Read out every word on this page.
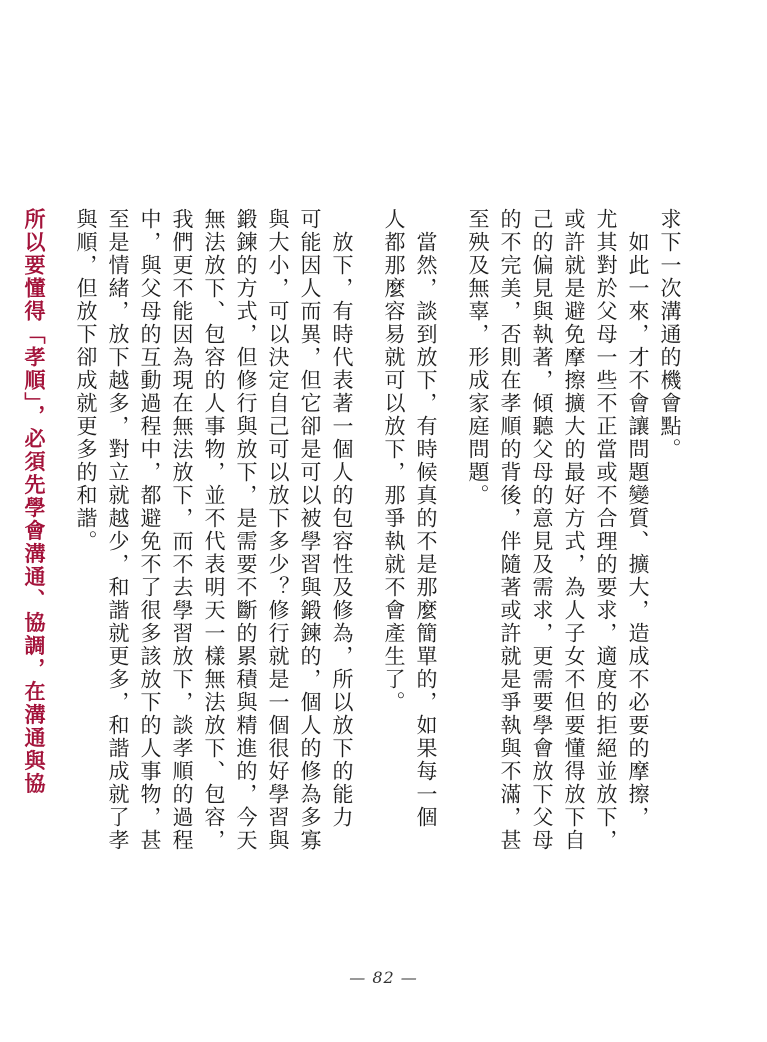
求下一次溝通的機會點。
　如此一來，才不會讓問題變質、擴大，造成不必要的摩擦，
尤其對於父母一些不正當或不合理的要求，適度的拒絕並放下，
或許就是避免摩擦擴大的最好方式，為人子女不但要懂得放下自
己的偏見與執著，傾聽父母的意見及需求，更需要學會放下父母
的不完美，否則在孝順的背後，伴隨著或許就是爭執與不滿，甚
至殃及無辜，形成家庭問題。
　當然，談到放下，有時候真的不是那麼簡單的，如果每一個
人都那麼容易就可以放下，那爭執就不會產生了。
　放下，有時代表著一個人的包容性及修為，所以放下的能力
可能因人而異，但它卻是可以被學習與鍛鍊的，個人的修為多寡
與大小，可以決定自己可以放下多少？修行就是一個很好學習與
鍛鍊的方式，但修行與放下，是需要不斷的累積與精進的，今天
無法放下、包容的人事物，並不代表明天一樣無法放下、包容，
我們更不能因為現在無法放下，而不去學習放下，談孝順的過程
中，與父母的互動過程中，都避免不了很多該放下的人事物，甚
至是情緒，放下越多，對立就越少，和諧就更多，和諧成就了孝
與順，但放下卻成就更多的和諧。
所以要懂得「孝順」，必須先學會溝通、協調，在溝通與協
— 82 —
